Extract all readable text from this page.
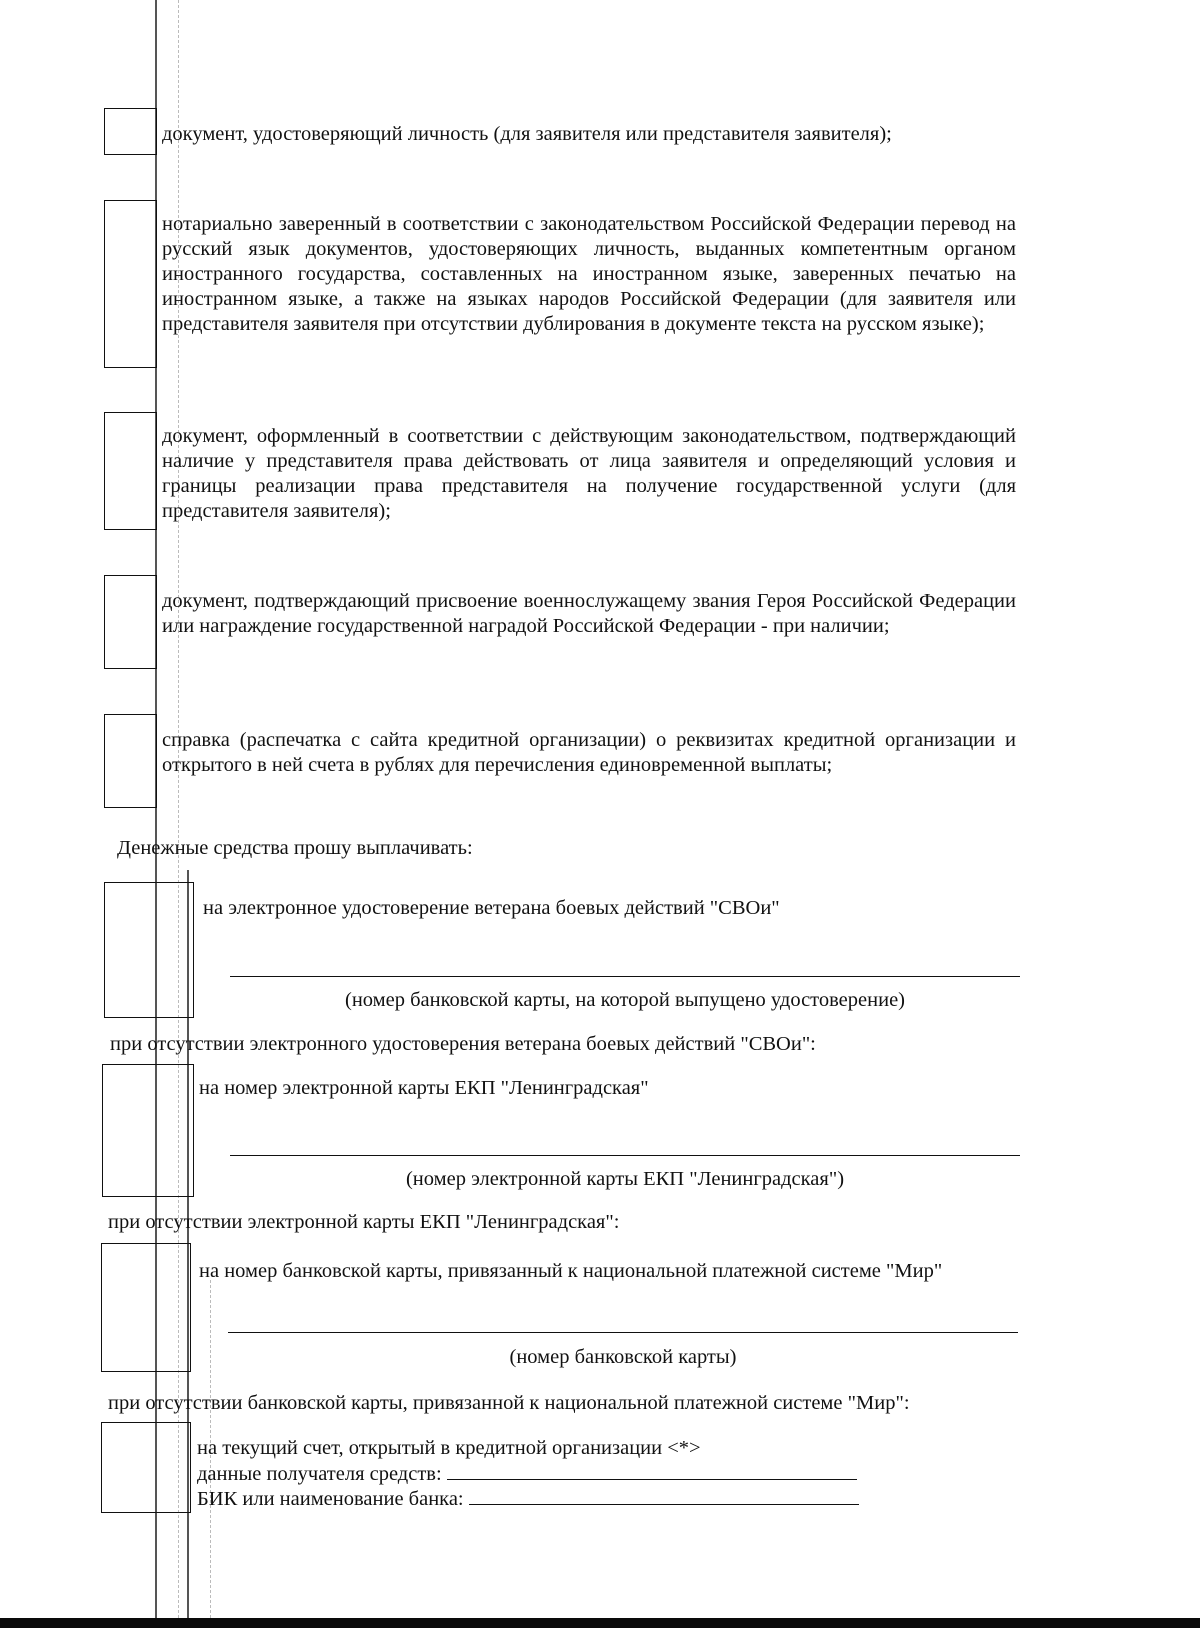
документ, удостоверяющий личность (для заявителя или представителя заявителя);
нотариально заверенный в соответствии с законодательством Российской Федерации перевод на русский язык документов, удостоверяющих личность, выданных компетентным органом иностранного государства, составленных на иностранном языке, заверенных печатью на иностранном языке, а также на языках народов Российской Федерации (для заявителя или представителя заявителя при отсутствии дублирования в документе текста на русском языке);
документ, оформленный в соответствии с действующим законодательством, подтверждающий наличие у представителя права действовать от лица заявителя и определяющий условия и границы реализации права представителя на получение государственной услуги (для представителя заявителя);
документ, подтверждающий присвоение военнослужащему звания Героя Российской Федерации или награждение государственной наградой Российской Федерации - при наличии;
справка (распечатка с сайта кредитной организации) о реквизитах кредитной организации и открытого в ней счета в рублях для перечисления единовременной выплаты;
Денежные средства прошу выплачивать:
на электронное удостоверение ветерана боевых действий "СВОи"
(номер банковской карты, на которой выпущено удостоверение)
при отсутствии электронного удостоверения ветерана боевых действий "СВОи":
на номер электронной карты ЕКП "Ленинградская"
(номер электронной карты ЕКП "Ленинградская")
при отсутствии электронной карты ЕКП "Ленинградская":
на номер банковской карты, привязанный к национальной платежной системе "Мир"
(номер банковской карты)
при отсутствии банковской карты, привязанной к национальной платежной системе "Мир":
на текущий счет, открытый в кредитной организации <*>
данные получателя средств:
БИК или наименование банка:
